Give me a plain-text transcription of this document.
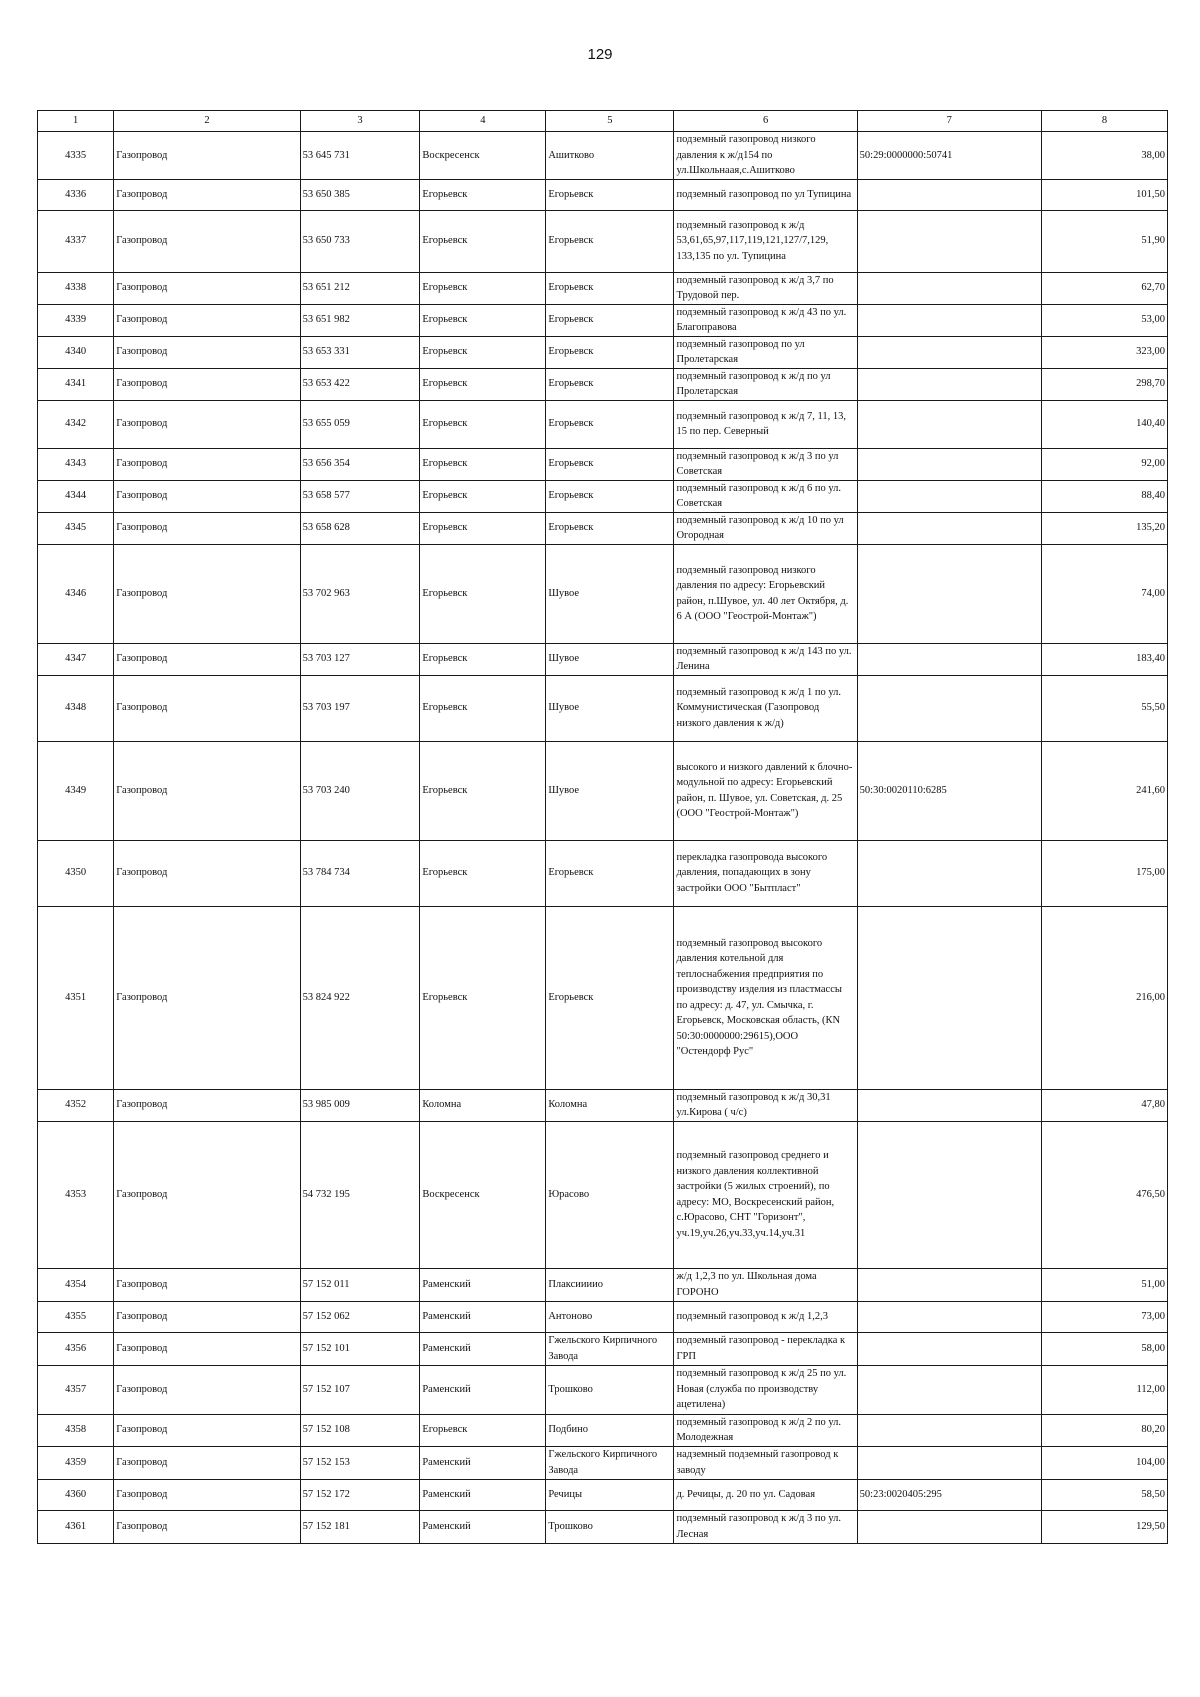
129
1	2	3	4	5	6	7	8
4335	Газопровод	53 645 731	Воскресенск	Ашитково	подземный газопровод низкого давления к ж/д154 по ул.Школьнаая,с.Ашитково	50:29:0000000:50741	38,00
4336	Газопровод	53 650 385	Егорьевск	Егорьевск	подземный газопровод по ул Тупицина		101,50
4337	Газопровод	53 650 733	Егорьевск	Егорьевск	подземный газопровод к ж/д 53,61,65,97,117,119,121,127/7,129, 133,135 по ул. Тупицина		51,90
4338	Газопровод	53 651 212	Егорьевск	Егорьевск	подземный газопровод к ж/д 3,7 по Трудовой пер.		62,70
4339	Газопровод	53 651 982	Егорьевск	Егорьевск	подземный газопровод к ж/д 43 по ул. Благоправова		53,00
4340	Газопровод	53 653 331	Егорьевск	Егорьевск	подземный газопровод по ул Пролетарская		323,00
4341	Газопровод	53 653 422	Егорьевск	Егорьевск	подземный газопровод к ж/д по ул Пролетарская		298,70
4342	Газопровод	53 655 059	Егорьевск	Егорьевск	подземный газопровод к ж/д 7, 11, 13, 15 по пер. Северный		140,40
4343	Газопровод	53 656 354	Егорьевск	Егорьевск	подземный газопровод к ж/д 3 по ул Советская		92,00
4344	Газопровод	53 658 577	Егорьевск	Егорьевск	подземный газопровод к ж/д 6 по ул. Советская		88,40
4345	Газопровод	53 658 628	Егорьевск	Егорьевск	подземный газопровод к ж/д 10 по ул Огородная		135,20
4346	Газопровод	53 702 963	Егорьевск	Шувое	подземный газопровод низкого давления по адресу: Егорьевский район, п.Шувое, ул. 40 лет Октября, д. 6 А (ООО "Геострой-Монтаж")		74,00
4347	Газопровод	53 703 127	Егорьевск	Шувое	подземный газопровод к ж/д 143 по ул. Ленина		183,40
4348	Газопровод	53 703 197	Егорьевск	Шувое	подземный газопровод к ж/д 1 по ул. Коммунистическая (Газопровод низкого давления к ж/д)		55,50
4349	Газопровод	53 703 240	Егорьевск	Шувое	высокого и низкого давлений к блочно-модульной по адресу: Егорьевский район, п. Шувое, ул. Советская, д. 25 (ООО "Геострой-Монтаж")	50:30:0020110:6285	241,60
4350	Газопровод	53 784 734	Егорьевск	Егорьевск	перекладка газопровода высокого давления, попадающих в зону застройки ООО "Бытпласт"		175,00
4351	Газопровод	53 824 922	Егорьевск	Егорьевск	подземный газопровод высокого давления котельной для теплоснабжения предприятия по производству изделия из пластмассы по адресу: д. 47, ул. Смычка, г. Егорьевск, Московская область, (КN 50:30:0000000:29615),ООО "Остендорф Рус"		216,00
4352	Газопровод	53 985 009	Коломна	Коломна	подземный газопровод к ж/д 30,31 ул.Кирова ( ч/с)		47,80
4353	Газопровод	54 732 195	Воскресенск	Юрасово	подземный газопровод среднего и низкого давления коллективной застройки (5 жилых строений), по адресу: МО, Воскресенский район, с.Юрасово, СНТ "Горизонт", уч.19,уч.26,уч.33,уч.14,уч.31		476,50
4354	Газопровод	57 152 011	Раменский	Плаксиииио	ж/д 1,2,3 по ул. Школьная дома ГОРОНО		51,00
4355	Газопровод	57 152 062	Раменский	Антоново	подземный газопровод к ж/д 1,2,3		73,00
4356	Газопровод	57 152 101	Раменский	Гжельского Кирпичного Завода	подземный газопровод - перекладка к ГРП		58,00
4357	Газопровод	57 152 107	Раменский	Трошково	подземный газопровод к ж/д 25 по ул. Новая (служба по производству ацетилена)		112,00
4358	Газопровод	57 152 108	Егорьевск	Подбино	подземный газопровод к ж/д 2 по ул. Молодежная		80,20
4359	Газопровод	57 152 153	Раменский	Гжельского Кирпичного Завода	надземный подземный газопровод к заводу		104,00
4360	Газопровод	57 152 172	Раменский	Речицы	д. Речицы, д. 20 по ул. Садовая	50:23:0020405:295	58,50
4361	Газопровод	57 152 181	Раменский	Трошково	подземный газопровод к ж/д 3 по ул. Лесная		129,50
